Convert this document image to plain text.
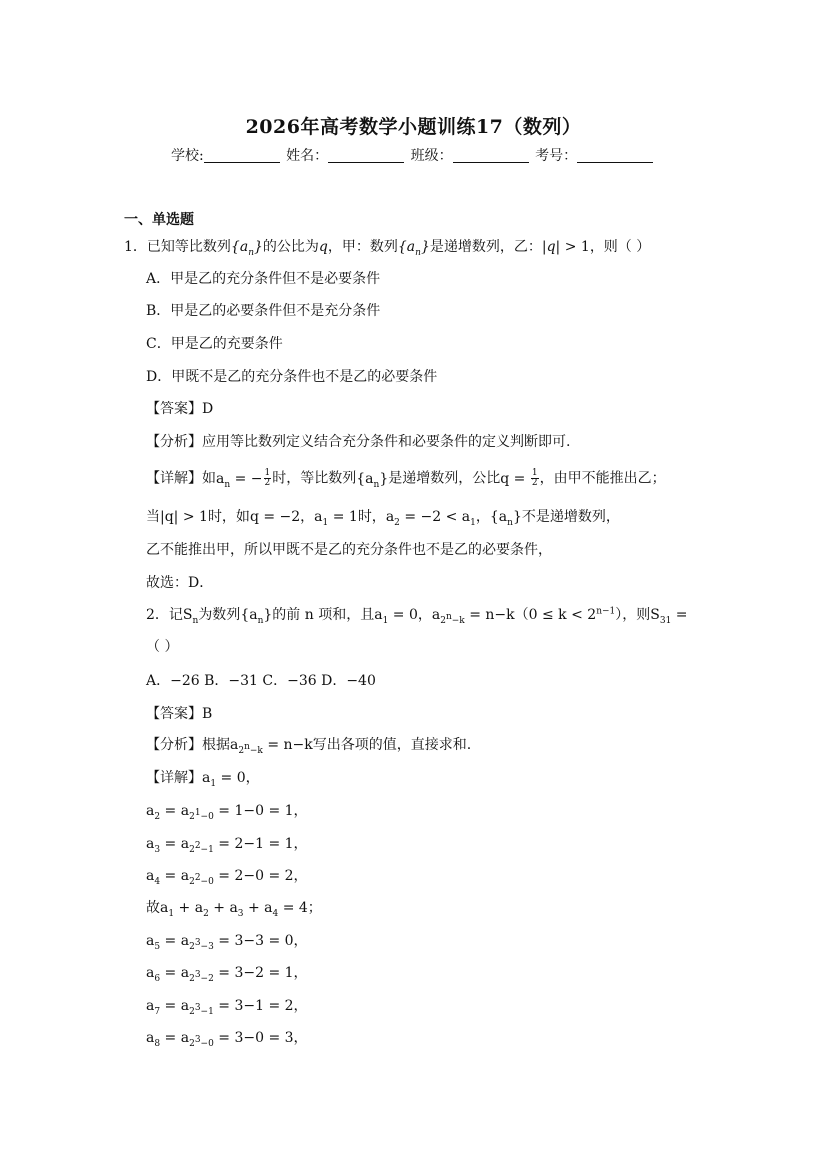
2026年高考数学小题训练17（数列）
学校:	姓名：	班级：	考号：
一、单选题
1．已知等比数列$\{a_n\}$的公比为q，甲：数列$\{a_n\}$是递增数列，乙：|q| > 1，则（ ）
A．甲是乙的充分条件但不是必要条件
B．甲是乙的必要条件但不是充分条件
C．甲是乙的充要条件
D．甲既不是乙的充分条件也不是乙的必要条件
【答案】D
【分析】应用等比数列定义结合充分条件和必要条件的定义判断即可.
【详解】如$a_n$ = − $\frac{1}{2}$ 时，等比数列$\{a_n\}$是递增数列，公比$q = \frac{1}{2}$ ，由甲不能推出乙；
当|q| > 1时，如q = −2，$a_1 = 1$时，$a_2 = -2 < a_1$，$\{a_n\}$不是递增数列，
乙不能推出甲，所以甲既不是乙的充分条件也不是乙的必要条件，
故选：D．
2．记$S_n$为数列$\{a_n\}$的前 n 项和，且$a_1 = 0$，$a_{2^n-k} = n-k(0 \le k < 2^{n-1})$，则$S_{31}$ =
（ ）
A．−26 B．−31 C．−36 D．−40
【答案】B
【分析】根据$a_{2^n-k} = n-k$写出各项的值，直接求和.
【详解】$a_1 = 0$，
$a_2 = a_{2^1-0} = 1-0 = 1$，
$a_3 = a_{2^2-1} = 2-1 = 1$，
$a_4 = a_{2^2-0} = 2-0 = 2$，
故$a_1 + a_2 + a_3 + a_4 = 4$；
$a_5 = a_{2^3-3} = 3-3 = 0$，
$a_6 = a_{2^3-2} = 3-2 = 1$，
$a_7 = a_{2^3-1} = 3-1 = 2$，
$a_8 = a_{2^3-0} = 3-0 = 3$，
